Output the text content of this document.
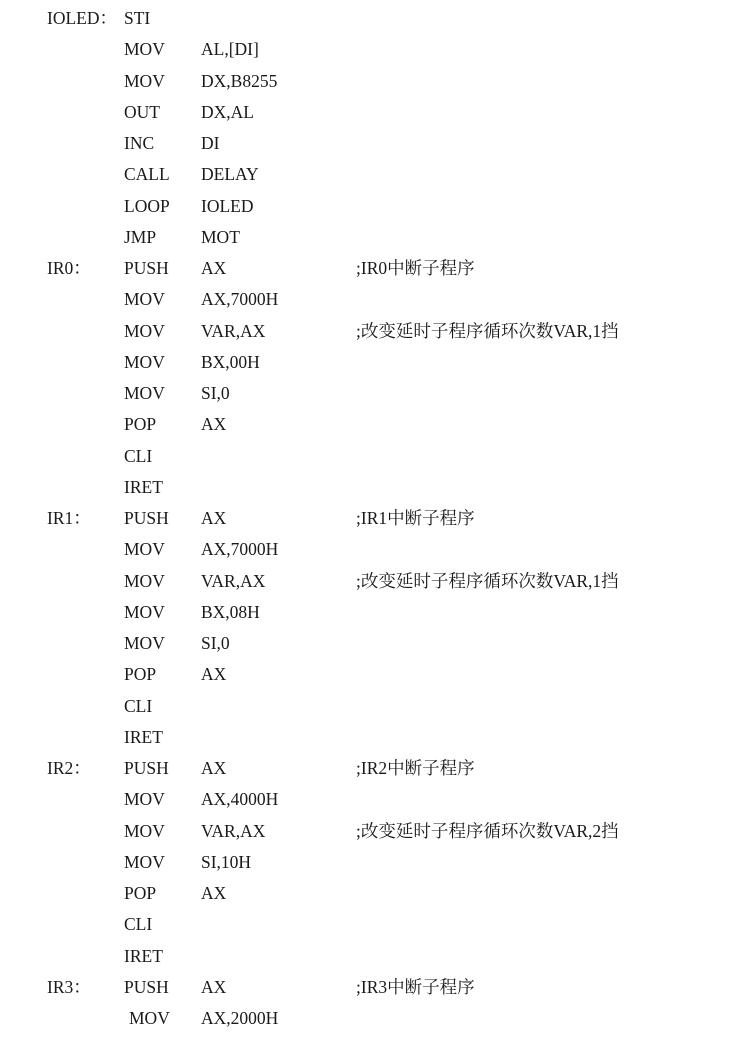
IOLED： STI
MOV AL,[DI]
MOV DX,B8255
OUT DX,AL
INC	DI
CALL DELAY
LOOP IOLED
JMP	MOT
IR0： PUSH AX	;IR0中断子程序
MOV AX,7000H
MOV VAR,AX	;改变延时子程序循环次数VAR,1挡
MOV BX,00H
MOV SI,0
POP	AX
CLI
IRET
IR1： PUSH AX	;IR1中断子程序
MOV AX,7000H
MOV VAR,AX	;改变延时子程序循环次数VAR,1挡
MOV BX,08H
MOV SI,0
POP	AX
CLI
IRET
IR2： PUSH AX	;IR2中断子程序
MOV AX,4000H
MOV VAR,AX	;改变延时子程序循环次数VAR,2挡
MOV SI,10H
POP	AX
CLI
IRET
IR3： PUSH AX	;IR3中断子程序
MOV AX,2000H
